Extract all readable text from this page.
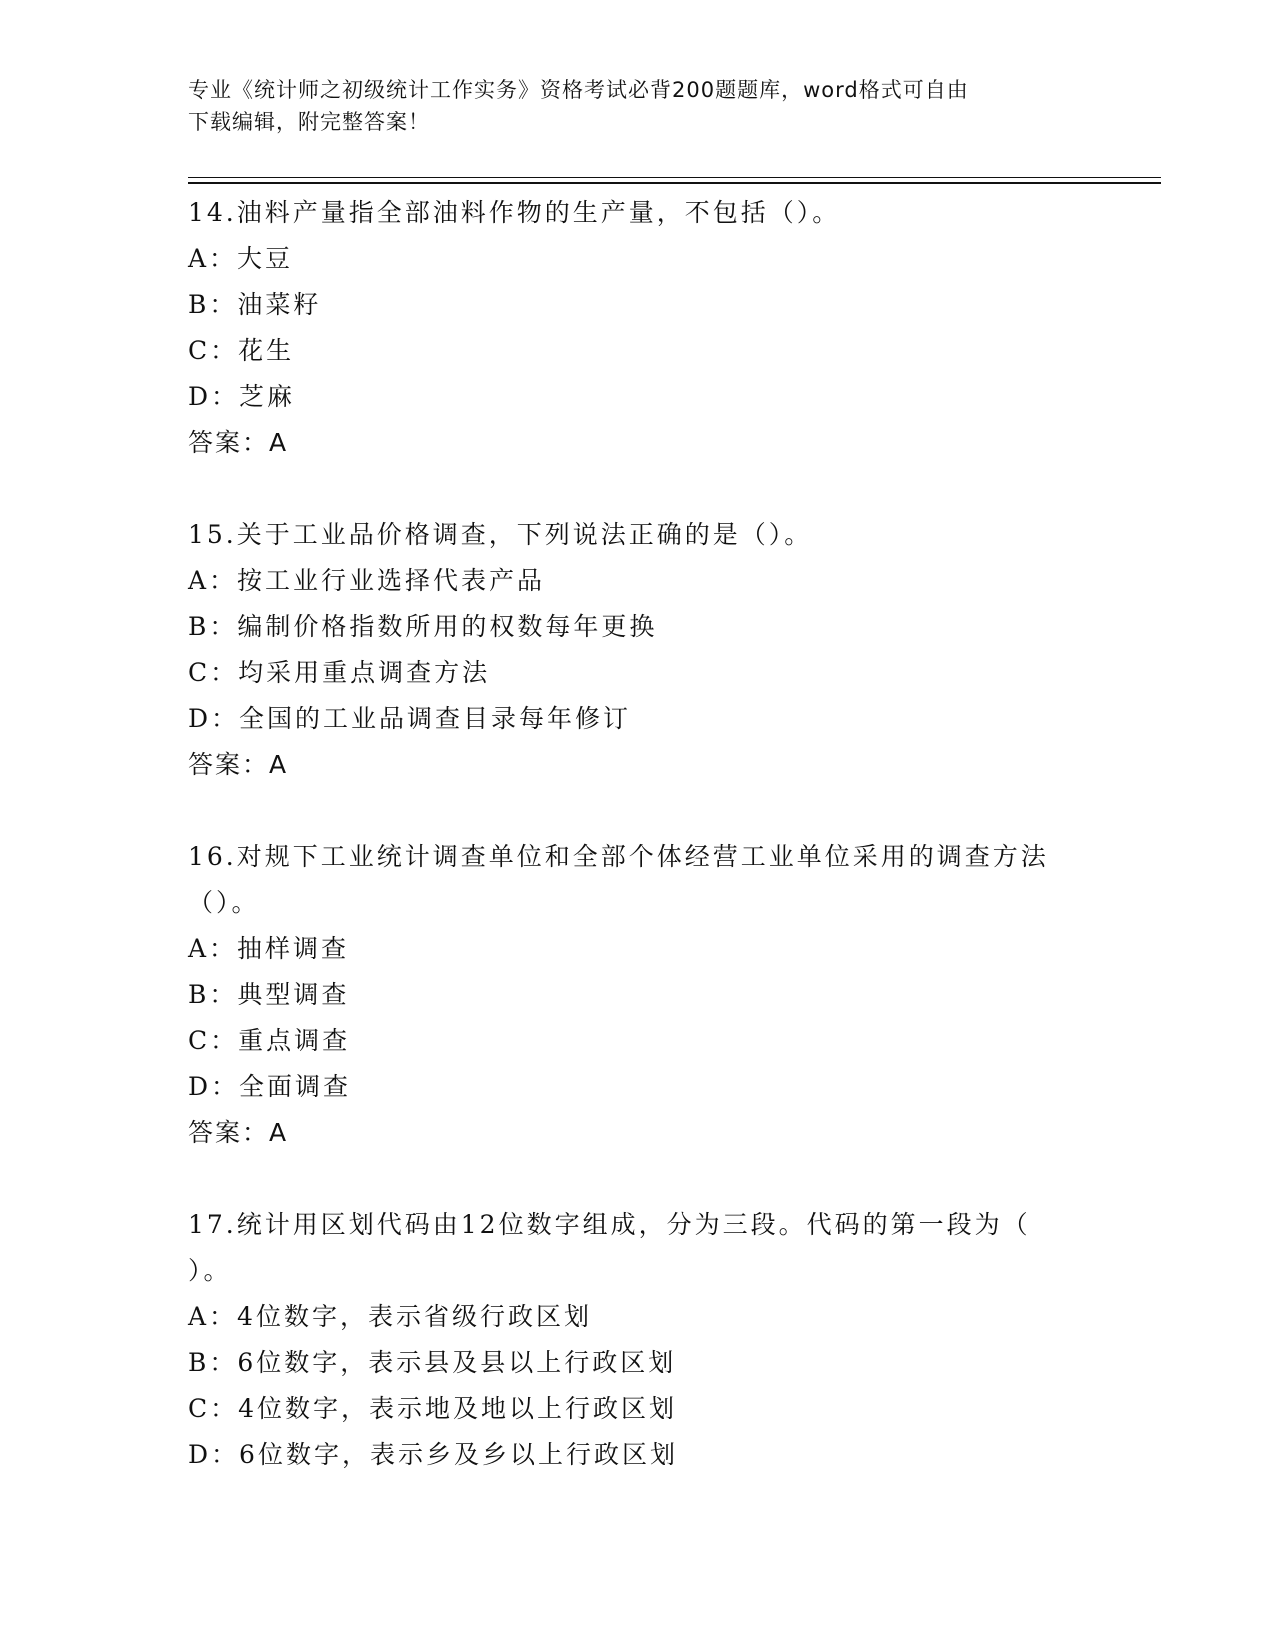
专业《统计师之初级统计工作实务》资格考试必背200题题库，word格式可自由
下载编辑，附完整答案！
14.油料产量指全部油料作物的生产量，不包括（）。
A：大豆
B：油菜籽
C：花生
D：芝麻
答案：A
15.关于工业品价格调查，下列说法正确的是（）。
A：按工业行业选择代表产品
B：编制价格指数所用的权数每年更换
C：均采用重点调查方法
D：全国的工业品调查目录每年修订
答案：A
16.对规下工业统计调查单位和全部个体经营工业单位采用的调查方法
（）。
A：抽样调查
B：典型调查
C：重点调查
D：全面调查
答案：A
17.统计用区划代码由12位数字组成，分为三段。代码的第一段为（
）。
A：4位数字，表示省级行政区划
B：6位数字，表示县及县以上行政区划
C：4位数字，表示地及地以上行政区划
D：6位数字，表示乡及乡以上行政区划
